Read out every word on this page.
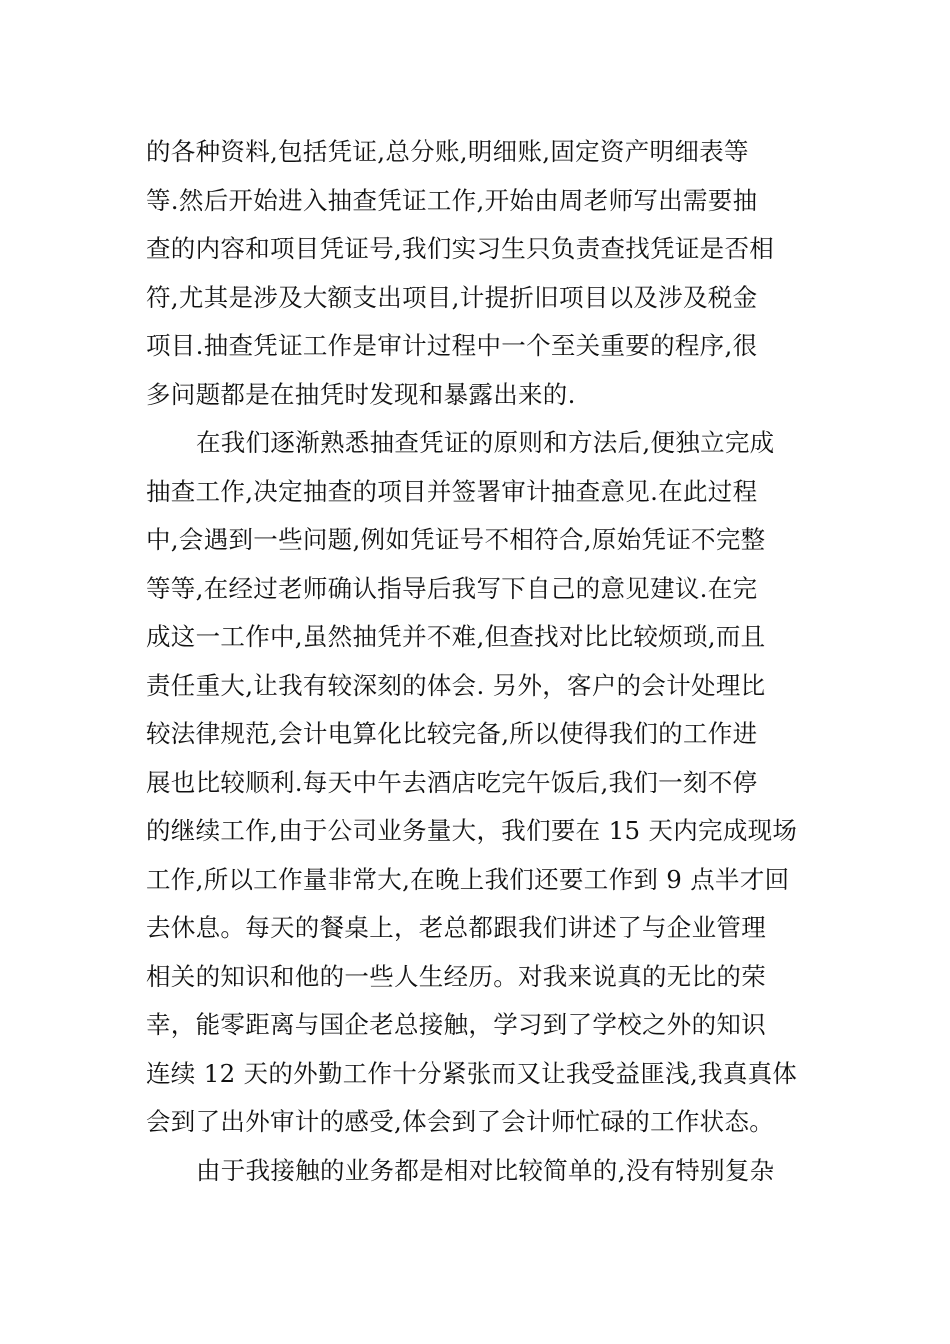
的各种资料,包括凭证,总分账,明细账,固定资产明细表等
等.然后开始进入抽查凭证工作,开始由周老师写出需要抽
查的内容和项目凭证号,我们实习生只负责查找凭证是否相
符,尤其是涉及大额支出项目,计提折旧项目以及涉及税金
项目.抽查凭证工作是审计过程中一个至关重要的程序,很
多问题都是在抽凭时发现和暴露出来的.
在我们逐渐熟悉抽查凭证的原则和方法后,便独立完成
抽查工作,决定抽查的项目并签署审计抽查意见.在此过程
中,会遇到一些问题,例如凭证号不相符合,原始凭证不完整
等等,在经过老师确认指导后我写下自己的意见建议.在完
成这一工作中,虽然抽凭并不难,但查找对比比较烦琐,而且
责任重大,让我有较深刻的体会. 另外，客户的会计处理比
较法律规范,会计电算化比较完备,所以使得我们的工作进
展也比较顺利.每天中午去酒店吃完午饭后,我们一刻不停
的继续工作,由于公司业务量大，我们要在 15 天内完成现场
工作,所以工作量非常大,在晚上我们还要工作到 9 点半才回
去休息。每天的餐桌上，老总都跟我们讲述了与企业管理
相关的知识和他的一些人生经历。对我来说真的无比的荣
幸，能零距离与国企老总接触，学习到了学校之外的知识
连续 12 天的外勤工作十分紧张而又让我受益匪浅,我真真体
会到了出外审计的感受,体会到了会计师忙碌的工作状态。
由于我接触的业务都是相对比较简单的,没有特别复杂
